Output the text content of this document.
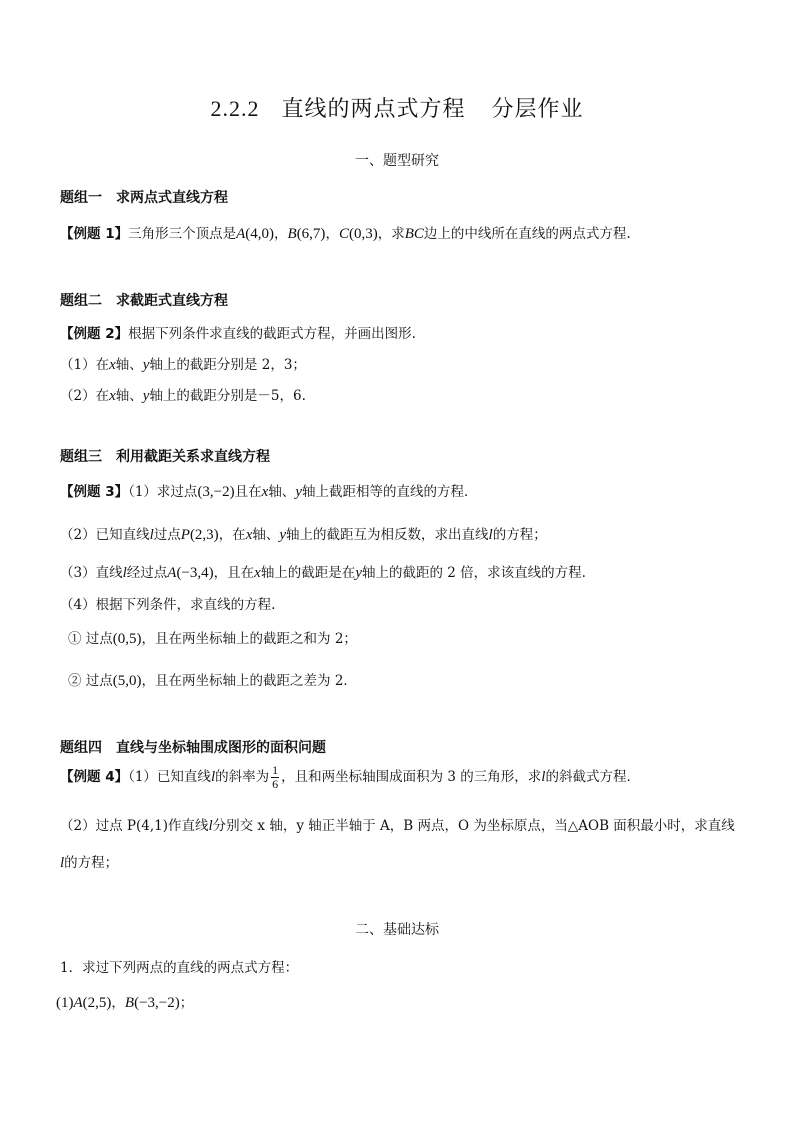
2.2.2 直线的两点式方程 分层作业
一、题型研究
题组一 求两点式直线方程
【例题 1】三角形三个顶点是A(4,0)，B(6,7)，C(0,3)，求BC边上的中线所在直线的两点式方程.
题组二 求截距式直线方程
【例题 2】根据下列条件求直线的截距式方程，并画出图形.
（1）在x轴、y轴上的截距分别是 2，3；
（2）在x轴、y轴上的截距分别是－5，6.
题组三 利用截距关系求直线方程
【例题 3】（1）求过点(3,−2)且在x轴、y轴上截距相等的直线的方程．
（2）已知直线l过点P(2,3)，在x轴、y轴上的截距互为相反数，求出直线l的方程；
（3）直线l经过点A(−3,4)，且在x轴上的截距是在y轴上的截距的 2 倍，求该直线的方程.
（4）根据下列条件，求直线的方程.
① 过点(0,5)，且在两坐标轴上的截距之和为 2；
② 过点(5,0)，且在两坐标轴上的截距之差为 2．
题组四 直线与坐标轴围成图形的面积问题
【例题 4】（1）已知直线l的斜率为 $\frac{1}{6}$ ，且和两坐标轴围成面积为 3 的三角形，求l的斜截式方程．
（2）过点 P(4,1)作直线l分别交 x 轴，y 轴正半轴于 A，B 两点，O 为坐标原点，当△AOB 面积最小时，求直线
l的方程；
二、基础达标
1．求过下列两点的直线的两点式方程：
(1)A(2,5)，B(−3,−2)；
